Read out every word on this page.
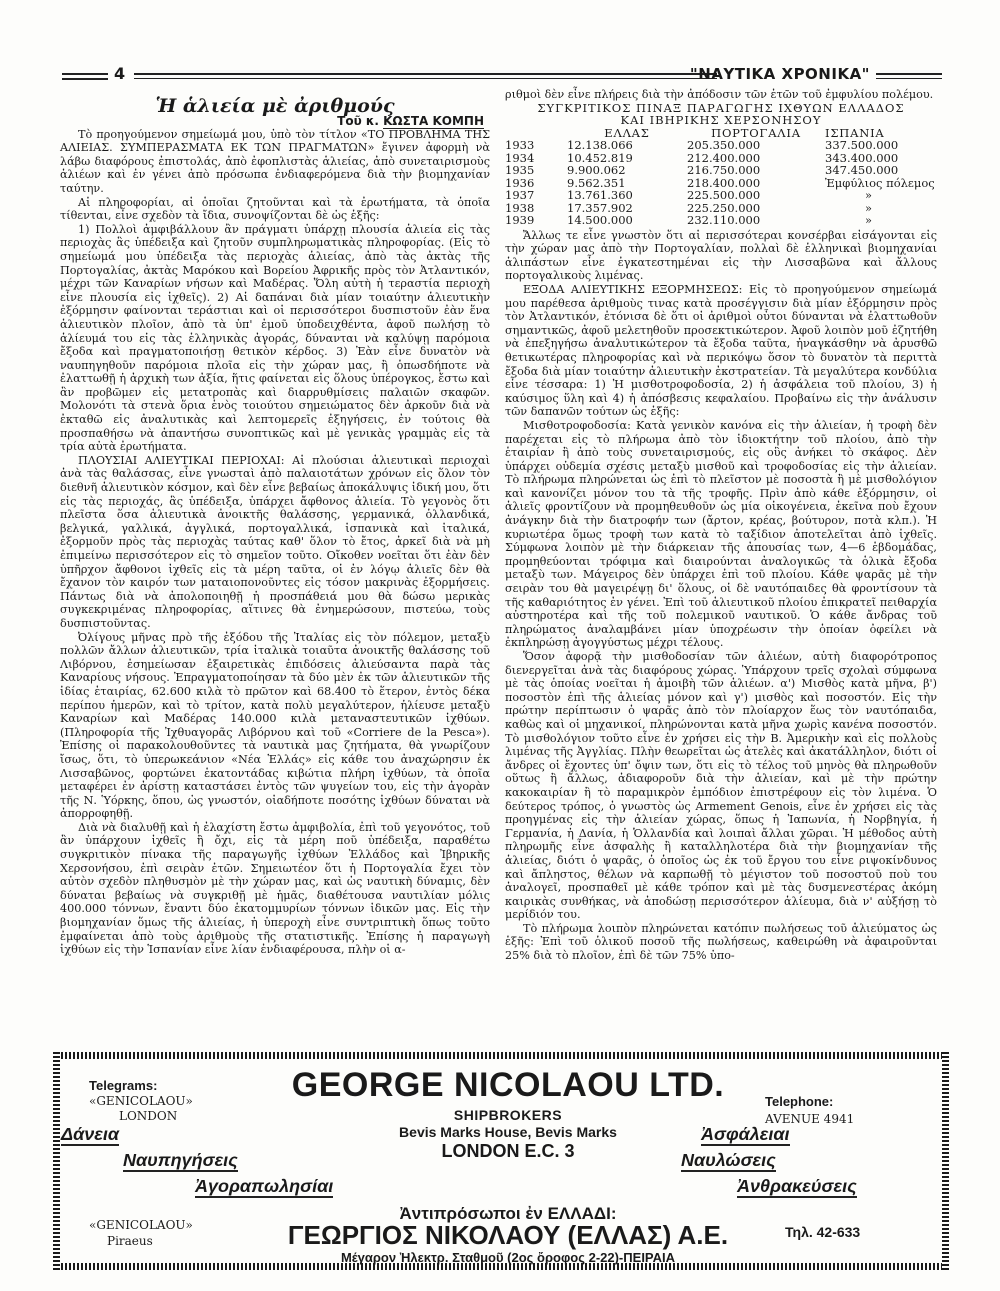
4	"ΝΑΥΤΙΚΑ ΧΡΟΝΙΚΑ"

Ἡ ἁλιεία μὲ ἀριθμούς

Τοῦ κ. ΚΩΣΤΑ ΚΟΜΠΗ

Τὸ προηγούμενον σημείωμά μου, ὑπὸ τὸν τίτλον «ΤΟ ΠΡΟΒΛΗΜΑ ΤΗΣ ΑΛΙΕΙΑΣ. ΣΥΜΠΕΡΑΣΜΑΤΑ ΕΚ ΤΩΝ ΠΡΑΓΜΑΤΩΝ» ἔγινεν ἀφορμὴ νὰ λάβω διαφόρους ἐπιστολάς, ἀπὸ ἐφοπλιστὰς ἁλιείας, ἀπὸ συνεταιρισμοὺς ἁλιέων καὶ ἐν γένει ἀπὸ πρόσωπα ἐνδιαφερόμενα διὰ τὴν βιομηχανίαν ταύτην.

Αἱ πληροφορίαι, αἱ ὁποῖαι ζητοῦνται καὶ τὰ ἐρωτήματα, τὰ ὁποῖα τίθενται, εἶνε σχεδὸν τὰ ἴδια, συνοψίζονται δὲ ὡς ἑξῆς:

1) Πολλοὶ ἀμφιβάλλουν ἂν πράγματι ὑπάρχῃ πλουσία ἁλιεία εἰς τὰς περιοχὰς ἃς ὑπέδειξα καὶ ζητοῦν συμπληρωματικὰς πληροφορίας. (Εἰς τὸ σημείωμά μου ὑπέδειξα τὰς περιοχὰς ἁλιείας, ἀπὸ τὰς ἀκτὰς τῆς Πορτογαλίας, ἀκτὰς Μαρόκου καὶ Βορείου Ἀφρικῆς πρὸς τὸν Ἀτλαντικόν, μέχρι τῶν Καναρίων νήσων καὶ Μαδέρας. Ὅλη αὐτὴ ἡ τεραστία περιοχὴ εἶνε πλουσία εἰς ἰχθεῖς). 2) Αἱ δαπάναι διὰ μίαν τοιαύτην ἁλιευτικὴν ἐξόρμησιν φαίνονται τεράστιαι καὶ οἱ περισσότεροι δυσπιστοῦν ἐὰν ἕνα ἁλιευτικὸν πλοῖον, ἀπὸ τὰ ὑπ' ἐμοῦ ὑποδειχθέντα, ἀφοῦ πωλήσῃ τὸ ἁλίευμά του εἰς τὰς ἑλληνικὰς ἀγοράς, δύνανται νὰ καλύψῃ παρόμοια ἔξοδα καὶ πραγματοποιήσῃ θετικὸν κέρδος. 3) Ἐὰν εἶνε δυνατὸν νὰ ναυπηγηθοῦν παρόμοια πλοῖα εἰς τὴν χώραν μας, ἢ ὁπωσδήποτε νὰ ἐλαττωθῇ ἡ ἀρχικὴ των ἀξία, ἥτις φαίνεται εἰς ὅλους ὑπέρογκος, ἔστω καὶ ἂν προβῶμεν εἰς μετατροπὰς καὶ διαρρυθμίσεις παλαιῶν σκαφῶν. Μολονότι τὰ στενὰ ὅρια ἑνὸς τοιούτου σημειώματος δὲν ἀρκοῦν διὰ νὰ ἐκταθῶ εἰς ἀναλυτικὰς καὶ λεπτομερεῖς ἐξηγήσεις, ἐν τούτοις θὰ προσπαθήσω νὰ ἀπαντήσω συνοπτικῶς καὶ μὲ γενικὰς γραμμὰς εἰς τὰ τρία αὐτὰ ἐρωτήματα.

ΠΛΟΥΣΙΑΙ ΑΛΙΕΥΤΙΚΑΙ ΠΕΡΙΟΧΑΙ: Αἱ πλούσιαι ἁλιευτικαὶ περιοχαὶ ἀνὰ τὰς θαλάσσας, εἶνε γνωσταὶ ἀπὸ παλαιοτάτων χρόνων εἰς ὅλον τὸν διεθνῆ ἁλιευτικὸν κόσμον, καὶ δὲν εἶνε βεβαίως ἀποκάλυψις ἰδική μου, ὅτι εἰς τὰς περιοχάς, ἃς ὑπέδειξα, ὑπάρχει ἄφθονος ἁλιεία. Τὸ γεγονὸς ὅτι πλεῖστα ὅσα ἁλιευτικὰ ἀνοικτῆς θαλάσσης, γερμανικά, ὁλλανδικά, βελγικά, γαλλικά, ἀγγλικά, πορτογαλλικά, ἱσπανικὰ καὶ ἰταλικά, ἐξορμοῦν πρὸς τὰς περιοχὰς ταύτας καθ' ὅλον τὸ ἔτος, ἀρκεῖ διὰ νὰ μὴ ἐπιμείνω περισσότερον εἰς τὸ σημεῖον τοῦτο. Οἴκοθεν νοεῖται ὅτι ἐὰν δὲν ὑπῆρχον ἄφθονοι ἰχθεῖς εἰς τὰ μέρη ταῦτα, οἱ ἐν λόγῳ ἁλιεῖς δὲν θὰ ἔχανον τὸν καιρόν των ματαιοπονοῦντες εἰς τόσον μακρινὰς ἐξορμήσεις. Πάντως διὰ νὰ ἀπολοποιηθῇ ἡ προσπάθειά μου θὰ δώσω μερικὰς συγκεκριμένας πληροφορίας, αἵτινες θὰ ἐνημερώσουν, πιστεύω, τοὺς δυσπιστοῦντας.

Ὀλίγους μῆνας πρὸ τῆς ἐξόδου τῆς Ἰταλίας εἰς τὸν πόλεμον, μεταξὺ πολλῶν ἄλλων ἁλιευτικῶν, τρία ἰταλικὰ τοιαῦτα ἀνοικτῆς θαλάσσης τοῦ Λιβόρνου, ἐσημείωσαν ἐξαιρετικὰς ἐπιδόσεις ἁλιεύσαντα παρὰ τὰς Καναρίους νήσους. Ἐπραγματοποίησαν τὰ δύο μὲν ἐκ τῶν ἁλιευτικῶν τῆς ἰδίας ἑταιρίας, 62.600 κιλὰ τὸ πρῶτον καὶ 68.400 τὸ ἕτερον, ἐντὸς δέκα περίπου ἡμερῶν, καὶ τὸ τρίτον, κατὰ πολὺ μεγαλύτερον, ἡλίευσε μεταξὺ Καναρίων καὶ Μαδέρας 140.000 κιλὰ μεταναστευτικῶν ἰχθύων. (Πληροφορία τῆς Ἰχθυαγορᾶς Λιβόρνου καὶ τοῦ «Corriere de la Pesca»). Ἐπίσης οἱ παρακολουθοῦντες τὰ ναυτικὰ μας ζητήματα, θὰ γνωρίζουν ἴσως, ὅτι, τὸ ὑπερωκεάνιον «Νέα Ἑλλάς» εἰς κάθε του ἀναχώρησιν ἐκ Λισσαβῶνος, φορτώνει ἑκατοντάδας κιβώτια πλήρη ἰχθύων, τὰ ὁποῖα μεταφέρει ἐν ἀρίστῃ καταστάσει ἐντὸς τῶν ψυγείων του, εἰς τὴν ἀγορὰν τῆς Ν. Ὑόρκης, ὅπου, ὡς γνωστόν, οἰαδήποτε ποσότης ἰχθύων δύναται νὰ ἀπορροφηθῇ.

Διὰ νὰ διαλυθῇ καὶ ἡ ἐλαχίστη ἔστω ἀμφιβολία, ἐπὶ τοῦ γεγονότος, τοῦ ἂν ὑπάρχουν ἰχθεῖς ἢ ὄχι, εἰς τὰ μέρη ποῦ ὑπέδειξα, παραθέτω συγκριτικὸν πίνακα τῆς παραγωγῆς ἰχθύων Ἑλλάδος καὶ Ἰβηρικῆς Χερσονήσου, ἐπὶ σειρὰν ἐτῶν. Σημειωτέον ὅτι ἡ Πορτογαλία ἔχει τὸν αὐτὸν σχεδὸν πληθυσμὸν μὲ τὴν χώραν μας, καὶ ὡς ναυτικὴ δύναμις, δὲν δύναται βεβαίως νὰ συγκριθῇ μὲ ἡμᾶς, διαθέτουσα ναυτιλίαν μόλις 400.000 τόννων, ἔναντι δύο ἑκατομμυρίων τόννων ἰδικῶν μας. Εἰς τὴν βιομηχανίαν ὅμως τῆς ἁλιείας, ἡ ὑπεροχὴ εἶνε συντριπτικὴ ὅπως τοῦτο ἐμφαίνεται ἀπὸ τοὺς ἀριθμοὺς τῆς στατιστικῆς. Ἐπίσης ἡ παραγωγὴ ἰχθύων εἰς τὴν Ἱσπανίαν εἶνε λίαν ἐνδιαφέρουσα, πλὴν οἱ α-

ριθμοὶ δὲν εἶνε πλήρεις διὰ τὴν ἀπόδοσιν τῶν ἐτῶν τοῦ ἐμφυλίου πολέμου.

ΣΥΓΚΡΙΤΙΚΟΣ ΠΙΝΑΞ ΠΑΡΑΓΩΓΗΣ ΙΧΘΥΩΝ ΕΛΛΑΔΟΣ

ΚΑΙ ΙΒΗΡΙΚΗΣ ΧΕΡΣΟΝΗΣΟΥ

	ΕΛΛΑΣ	ΠΟΡΤΟΓΑΛΙΑ	ΙΣΠΑΝΙΑ
1933	12.138.066	205.350.000	337.500.000
1934	10.452.819	212.400.000	343.400.000
1935	9.900.062	216.750.000	347.450.000
1936	9.562.351	218.400.000	Ἐμφύλιος πόλεμος
1937	13.761.360	225.500.000	»
1938	17.357.902	225.250.000	»
1939	14.500.000	232.110.000	»

Ἄλλως τε εἶνε γνωστὸν ὅτι αἱ περισσότεραι κονσέρβαι εἰσάγονται εἰς τὴν χώραν μας ἀπὸ τὴν Πορτογαλίαν, πολλαὶ δὲ ἑλληνικαὶ βιομηχανίαι ἁλιπάστων εἶνε ἐγκατεστημέναι εἰς τὴν Λισσαβῶνα καὶ ἄλλους πορτογαλικοὺς λιμένας.

ΕΞΟΔΑ ΑΛΙΕΥΤΙΚΗΣ ΕΞΟΡΜΗΣΕΩΣ: Εἰς τὸ προηγούμενον σημείωμά μου παρέθεσα ἀριθμοὺς τινας κατὰ προσέγγισιν διὰ μίαν ἐξόρμησιν πρὸς τὸν Ἀτλαντικόν, ἐτόνισα δὲ ὅτι οἱ ἀριθμοὶ οὗτοι δύνανται νὰ ἐλαττωθοῦν σημαντικῶς, ἀφοῦ μελετηθοῦν προσεκτικώτερον. Ἀφοῦ λοιπὸν μοῦ ἐζητήθη νὰ ἐπεξηγήσω ἀναλυτικώτερον τὰ ἔξοδα ταῦτα, ἠναγκάσθην νὰ ἀρυσθῶ θετικωτέρας πληροφορίας καὶ νὰ περικόψω ὅσον τὸ δυνατὸν τὰ περιττὰ ἔξοδα διὰ μίαν τοιαύτην ἁλιευτικὴν ἐκστρατείαν. Τὰ μεγαλύτερα κονδύλια εἶνε τέσσαρα: 1) Ἡ μισθοτροφοδοσία, 2) ἡ ἀσφάλεια τοῦ πλοίου, 3) ἡ καύσιμος ὕλη καὶ 4) ἡ ἀπόσβεσις κεφαλαίου. Προβαίνω εἰς τὴν ἀνάλυσιν τῶν δαπανῶν τούτων ὡς ἑξῆς:

Μισθοτροφοδοσία: Κατὰ γενικὸν κανόνα εἰς τὴν ἁλιείαν, ἡ τροφὴ δὲν παρέχεται εἰς τὸ πλήρωμα ἀπὸ τὸν ἰδιοκτήτην τοῦ πλοίου, ἀπὸ τὴν ἑταιρίαν ἢ ἀπὸ τοὺς συνεταιρισμούς, εἰς οὓς ἀνήκει τὸ σκάφος. Δὲν ὑπάρχει οὐδεμία σχέσις μεταξὺ μισθοῦ καὶ τροφοδοσίας εἰς τὴν ἁλιείαν. Τὸ πλήρωμα πληρώνεται ὡς ἐπὶ τὸ πλεῖστον μὲ ποσοστὰ ἢ μὲ μισθολόγιον καὶ κανονίζει μόνον του τὰ τῆς τροφῆς. Πρὶν ἀπὸ κάθε ἐξόρμησιν, οἱ ἁλιεῖς φροντίζουν νὰ προμηθευθοῦν ὡς μία οἰκογένεια, ἐκεῖνα ποὺ ἔχουν ἀνάγκην διὰ τὴν διατροφήν των (ἄρτον, κρέας, βούτυρον, ποτὰ κλπ.). Ἡ κυριωτέρα ὅμως τροφὴ των κατὰ τὸ ταξίδιον ἀποτελεῖται ἀπὸ ἰχθεῖς. Σύμφωνα λοιπὸν μὲ τὴν διάρκειαν τῆς ἀπουσίας των, 4—6 ἑβδομάδας, προμηθεύονται τρόφιμα καὶ διαιρούνται ἀναλογικῶς τὰ ὁλικὰ ἔξοδα μεταξὺ των. Μάγειρος δὲν ὑπάρχει ἐπὶ τοῦ πλοίου. Κάθε ψαρᾶς μὲ τὴν σειρὰν του θὰ μαγειρέψῃ δι' ὅλους, οἱ δὲ ναυτόπαιδες θὰ φροντίσουν τὰ τῆς καθαριότητος ἐν γένει. Ἐπὶ τοῦ ἁλιευτικοῦ πλοίου ἐπικρατεῖ πειθαρχία αὐστηροτέρα καὶ τῆς τοῦ πολεμικοῦ ναυτικοῦ. Ὁ κάθε ἄνδρας τοῦ πληρώματος ἀναλαμβάνει μίαν ὑποχρέωσιν τὴν ὁποίαν ὀφείλει νὰ ἐκπληρώσῃ ἀγογγύστως μέχρι τέλους.

Ὅσον ἀφορᾷ τὴν μισθοδοσίαν τῶν ἁλιέων, αὐτὴ διαφορότροπος διενεργεῖται ἀνὰ τὰς διαφόρους χώρας. Ὑπάρχουν τρεῖς σχολαὶ σύμφωνα μὲ τὰς ὁποίας νοεῖται ἡ ἀμοιβὴ τῶν ἁλιέων. α') Μισθὸς κατὰ μῆνα, β') ποσοστὸν ἐπὶ τῆς ἁλιείας μόνον καὶ γ') μισθὸς καὶ ποσοστόν. Εἰς τὴν πρώτην περίπτωσιν ὁ ψαρᾶς ἀπὸ τὸν πλοίαρχον ἕως τὸν ναυτόπαιδα, καθὼς καὶ οἱ μηχανικοί, πληρώνονται κατὰ μῆνα χωρὶς κανένα ποσοστόν. Τὸ μισθολόγιον τοῦτο εἶνε ἐν χρήσει εἰς τὴν Β. Ἀμερικὴν καὶ εἰς πολλοὺς λιμένας τῆς Ἀγγλίας. Πλὴν θεωρεῖται ὡς ἀτελὲς καὶ ἀκατάλληλον, διότι οἱ ἄνδρες οἱ ἔχοντες ὑπ' ὄψιν των, ὅτι εἰς τὸ τέλος τοῦ μηνὸς θὰ πληρωθοῦν οὕτως ἢ ἄλλως, ἀδιαφοροῦν διὰ τὴν ἁλιείαν, καὶ μὲ τὴν πρώτην κακοκαιρίαν ἢ τὸ παραμικρὸν ἐμπόδιον ἐπιστρέφουν εἰς τὸν λιμένα. Ὁ δεύτερος τρόπος, ὁ γνωστὸς ὡς Armement Genois, εἶνε ἐν χρήσει εἰς τὰς προηγμένας εἰς τὴν ἁλιείαν χώρας, ὅπως ἡ Ἰαπωνία, ἡ Νορβηγία, ἡ Γερμανία, ἡ Δανία, ἡ Ὁλλανδία καὶ λοιπαὶ ἄλλαι χῶραι. Ἡ μέθοδος αὐτὴ πληρωμῆς εἶνε ἀσφαλὴς ἢ καταλληλοτέρα διὰ τὴν βιομηχανίαν τῆς ἁλιείας, διότι ὁ ψαρᾶς, ὁ ὁποῖος ὡς ἐκ τοῦ ἔργου του εἶνε ριψοκίνδυνος καὶ ἄπληστος, θέλων νὰ καρπωθῇ τὸ μέγιστον τοῦ ποσοστοῦ ποὺ του ἀναλογεῖ, προσπαθεῖ μὲ κάθε τρόπον καὶ μὲ τὰς δυσμενεστέρας ἀκόμη καιρικὰς συνθήκας, νὰ ἀποδώσῃ περισσότερον ἁλίευμα, διὰ ν' αὐξήσῃ τὸ μερίδιόν του.

Τὸ πλήρωμα λοιπὸν πληρώνεται κατόπιν πωλήσεως τοῦ ἁλιεύματος ὡς ἑξῆς: Ἐπὶ τοῦ ὁλικοῦ ποσοῦ τῆς πωλήσεως, καθειρώθη νὰ ἀφαιροῦνται 25% διὰ τὸ πλοῖον, ἐπὶ δὲ τῶν 75% ὑπο-

Telegrams:
«GENICOLAOU»
LONDON
GEORGE NICOLAOU LTD.
SHIPBROKERS
Bevis Marks House, Bevis Marks
LONDON E.C. 3
Telephone:
AVENUE 4941
Δάνεια	Ἀσφάλειαι
Ναυπηγήσεις	Ναυλώσεις
Ἀγοραπωλησίαι	Ἀνθρακεύσεις
Ἀντιπρόσωποι ἐν ΕΛΛΑΔΙ:
«GENICOLAOU»
Piraeus	ΓΕΩΡΓΙΟΣ ΝΙΚΟΛΑΟΥ (ΕΛΛΑΣ) Α.Ε.	Τηλ. 42-633
Μέγαρον Ἠλεκτρ. Σταθμοῦ (2ος ὄροφος 2-22)-ΠΕΙΡΑΙΑ
